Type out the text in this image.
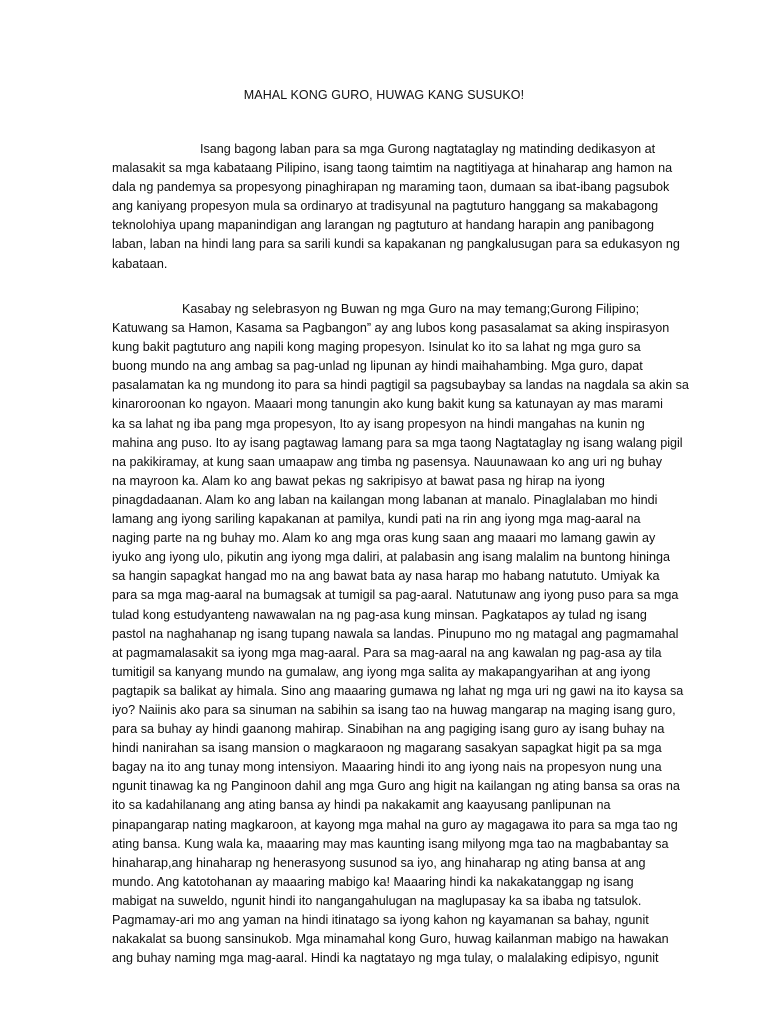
MAHAL KONG GURO, HUWAG KANG SUSUKO!
Isang bagong laban para sa mga Gurong nagtataglay ng matinding dedikasyon at
malasakit sa mga kabataang Pilipino, isang taong taimtim na nagtitiyaga at hinaharap ang hamon na
dala ng pandemya sa propesyong pinaghirapan ng maraming taon, dumaan sa ibat-ibang pagsubok
ang kaniyang propesyon mula sa ordinaryo at tradisyunal na pagtuturo hanggang sa makabagong
teknolohiya upang mapanindigan ang larangan ng pagtuturo at handang harapin ang panibagong
laban, laban na hindi lang para sa sarili kundi sa kapakanan ng pangkalusugan para sa edukasyon ng
kabataan.
Kasabay ng selebrasyon ng Buwan ng mga Guro na may temang;Gurong Filipino;
Katuwang sa Hamon, Kasama sa Pagbangon” ay ang lubos kong pasasalamat sa aking inspirasyon
kung bakit pagtuturo ang napili kong maging propesyon. Isinulat ko ito sa lahat ng mga guro sa
buong mundo na ang ambag sa pag-unlad ng lipunan ay hindi maihahambing. Mga guro, dapat
pasalamatan ka ng mundong ito para sa hindi pagtigil sa pagsubaybay sa landas na nagdala sa akin sa
kinaroroonan ko ngayon. Maaari mong tanungin ako kung bakit kung sa katunayan ay mas marami
ka sa lahat ng iba pang mga propesyon, Ito ay isang propesyon na hindi mangahas na kunin ng
mahina ang puso. Ito ay isang pagtawag lamang para sa mga taong Nagtataglay ng isang walang pigil
na pakikiramay, at kung saan umaapaw ang timba ng pasensya. Nauunawaan ko ang uri ng buhay
na mayroon ka. Alam ko ang bawat pekas ng sakripisyo at bawat pasa ng hirap na iyong
pinagdadaanan. Alam ko ang laban na kailangan mong labanan at manalo. Pinaglalaban mo hindi
lamang ang iyong sariling kapakanan at pamilya, kundi pati na rin ang iyong mga mag-aaral na
naging parte na ng buhay mo. Alam ko ang mga oras kung saan ang maaari mo lamang gawin ay
iyuko ang iyong ulo, pikutin ang iyong mga daliri, at palabasin ang isang malalim na buntong hininga
sa hangin sapagkat hangad mo na ang bawat bata ay nasa harap mo habang natututo. Umiyak ka
para sa mga mag-aaral na bumagsak at tumigil sa pag-aaral. Natutunaw ang iyong puso para sa mga
tulad kong estudyanteng nawawalan na ng pag-asa kung minsan. Pagkatapos ay tulad ng isang
pastol na naghahanap ng isang tupang nawala sa landas. Pinupuno mo ng matagal ang pagmamahal
at pagmamalasakit sa iyong mga mag-aaral. Para sa mag-aaral na ang kawalan ng pag-asa ay tila
tumitigil sa kanyang mundo na gumalaw, ang iyong mga salita ay makapangyarihan at ang iyong
pagtapik sa balikat ay himala. Sino ang maaaring gumawa ng lahat ng mga uri ng gawi na ito kaysa sa
iyo? Naiinis ako para sa sinuman na sabihin sa isang tao na huwag mangarap na maging isang guro,
para sa buhay ay hindi gaanong mahirap. Sinabihan na ang pagiging isang guro ay isang buhay na
hindi nanirahan sa isang mansion o magkaraoon ng magarang sasakyan sapagkat higit pa sa mga
bagay na ito ang tunay mong intensiyon. Maaaring hindi ito ang iyong nais na propesyon nung una
ngunit tinawag ka ng Panginoon dahil ang mga Guro ang higit na kailangan ng ating bansa sa oras na
ito sa kadahilanang ang ating bansa ay hindi pa nakakamit ang kaayusang panlipunan na
pinapangarap nating magkaroon, at kayong mga mahal na guro ay magagawa ito para sa mga tao ng
ating bansa. Kung wala ka, maaaring may mas kaunting isang milyong mga tao na magbabantay sa
hinaharap,ang hinaharap ng henerasyong susunod sa iyo, ang hinaharap ng ating bansa at ang
mundo. Ang katotohanan ay maaaring mabigo ka! Maaaring hindi ka nakakatanggap ng isang
mabigat na suweldo, ngunit hindi ito nangangahulugan na maglupasay ka sa ibaba ng tatsulok.
Pagmamay-ari mo ang yaman na hindi itinatago sa iyong kahon ng kayamanan sa bahay, ngunit
nakakalat sa buong sansinukob. Mga minamahal kong Guro, huwag kailanman mabigo na hawakan
ang buhay naming mga mag-aaral. Hindi ka nagtatayo ng mga tulay, o malalaking edipisyo, ngunit
